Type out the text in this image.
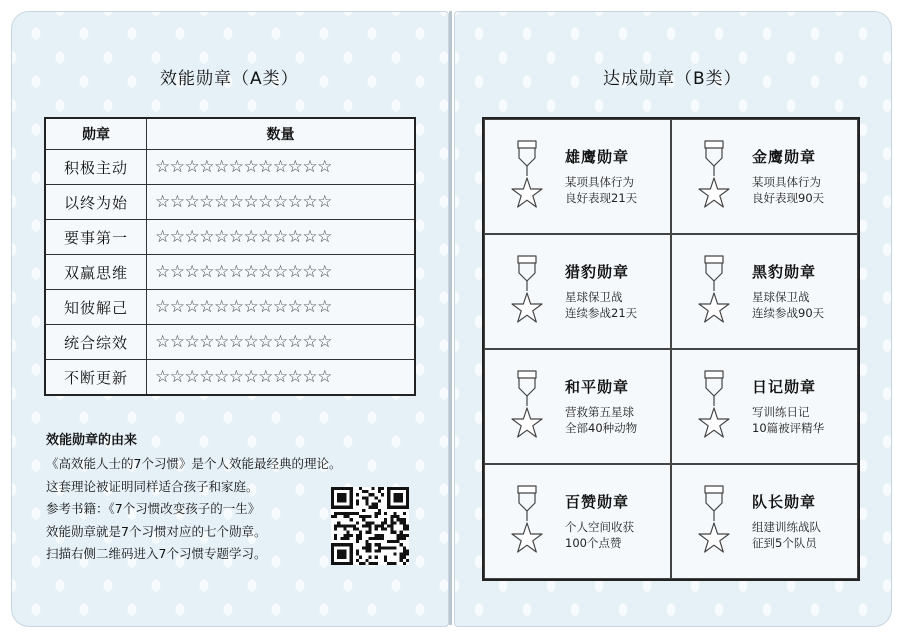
效能勋章（A类）
勋章	数量
积极主动	☆☆☆☆☆☆☆☆☆☆☆☆
以终为始	☆☆☆☆☆☆☆☆☆☆☆☆
要事第一	☆☆☆☆☆☆☆☆☆☆☆☆
双赢思维	☆☆☆☆☆☆☆☆☆☆☆☆
知彼解己	☆☆☆☆☆☆☆☆☆☆☆☆
统合综效	☆☆☆☆☆☆☆☆☆☆☆☆
不断更新	☆☆☆☆☆☆☆☆☆☆☆☆
效能勋章的由来
《高效能人士的7个习惯》是个人效能最经典的理论。
这套理论被证明同样适合孩子和家庭。
参考书籍：《7个习惯改变孩子的一生》
效能勋章就是7个习惯对应的七个勋章。
扫描右侧二维码进入7个习惯专题学习。
达成勋章（B类）
雄鹰勋章
某项具体行为
良好表现21天
金鹰勋章
某项具体行为
良好表现90天
猎豹勋章
星球保卫战
连续参战21天
黑豹勋章
星球保卫战
连续参战90天
和平勋章
营救第五星球
全部40种动物
日记勋章
写训练日记
10篇被评精华
百赞勋章
个人空间收获
100个点赞
队长勋章
组建训练战队
征到5个队员
